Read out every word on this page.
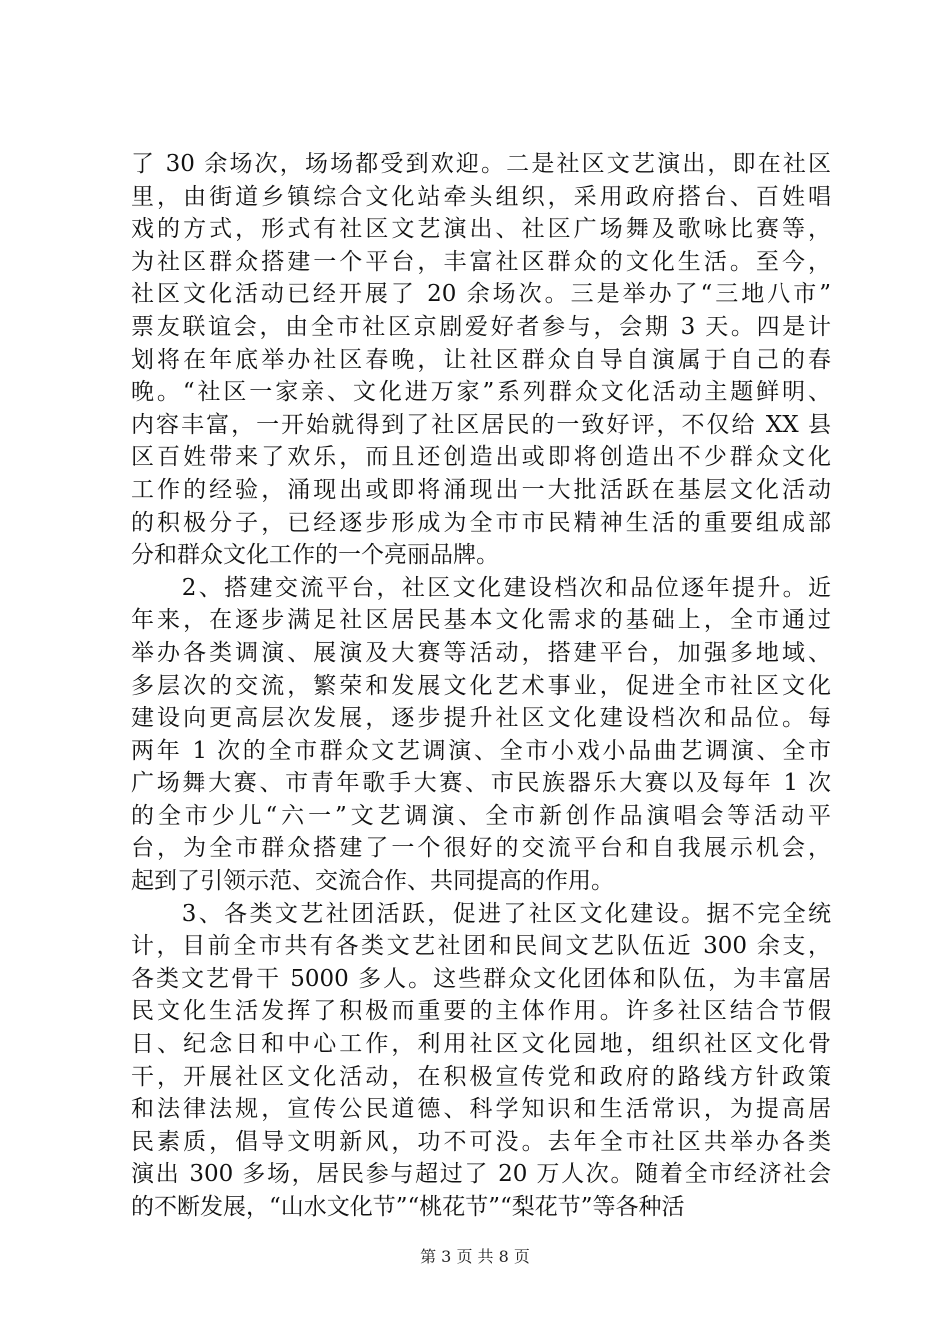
了 30 余场次，场场都受到欢迎。二是社区文艺演出，即在社区
里，由街道乡镇综合文化站牵头组织，采用政府搭台、百姓唱
戏的方式，形式有社区文艺演出、社区广场舞及歌咏比赛等，
为社区群众搭建一个平台，丰富社区群众的文化生活。至今，
社区文化活动已经开展了 20 余场次。三是举办了“三地八市”
票友联谊会，由全市社区京剧爱好者参与，会期 3 天。四是计
划将在年底举办社区春晚，让社区群众自导自演属于自己的春
晚。“社区一家亲、文化进万家”系列群众文化活动主题鲜明、
内容丰富，一开始就得到了社区居民的一致好评，不仅给 XX 县
区百姓带来了欢乐，而且还创造出或即将创造出不少群众文化
工作的经验，涌现出或即将涌现出一大批活跃在基层文化活动
的积极分子，已经逐步形成为全市市民精神生活的重要组成部
分和群众文化工作的一个亮丽品牌。
　　2、搭建交流平台，社区文化建设档次和品位逐年提升。近
年来，在逐步满足社区居民基本文化需求的基础上，全市通过
举办各类调演、展演及大赛等活动，搭建平台，加强多地域、
多层次的交流，繁荣和发展文化艺术事业，促进全市社区文化
建设向更高层次发展，逐步提升社区文化建设档次和品位。每
两年 1 次的全市群众文艺调演、全市小戏小品曲艺调演、全市
广场舞大赛、市青年歌手大赛、市民族器乐大赛以及每年 1 次
的全市少儿“六一”文艺调演、全市新创作品演唱会等活动平
台，为全市群众搭建了一个很好的交流平台和自我展示机会，
起到了引领示范、交流合作、共同提高的作用。
　　3、各类文艺社团活跃，促进了社区文化建设。据不完全统
计，目前全市共有各类文艺社团和民间文艺队伍近 300 余支，
各类文艺骨干 5000 多人。这些群众文化团体和队伍，为丰富居
民文化生活发挥了积极而重要的主体作用。许多社区结合节假
日、纪念日和中心工作，利用社区文化园地，组织社区文化骨
干，开展社区文化活动，在积极宣传党和政府的路线方针政策
和法律法规，宣传公民道德、科学知识和生活常识，为提高居
民素质，倡导文明新风，功不可没。去年全市社区共举办各类
演出 300 多场，居民参与超过了 20 万人次。随着全市经济社会
的不断发展，“山水文化节”“桃花节”“梨花节”等各种活
第 3 页 共 8 页
